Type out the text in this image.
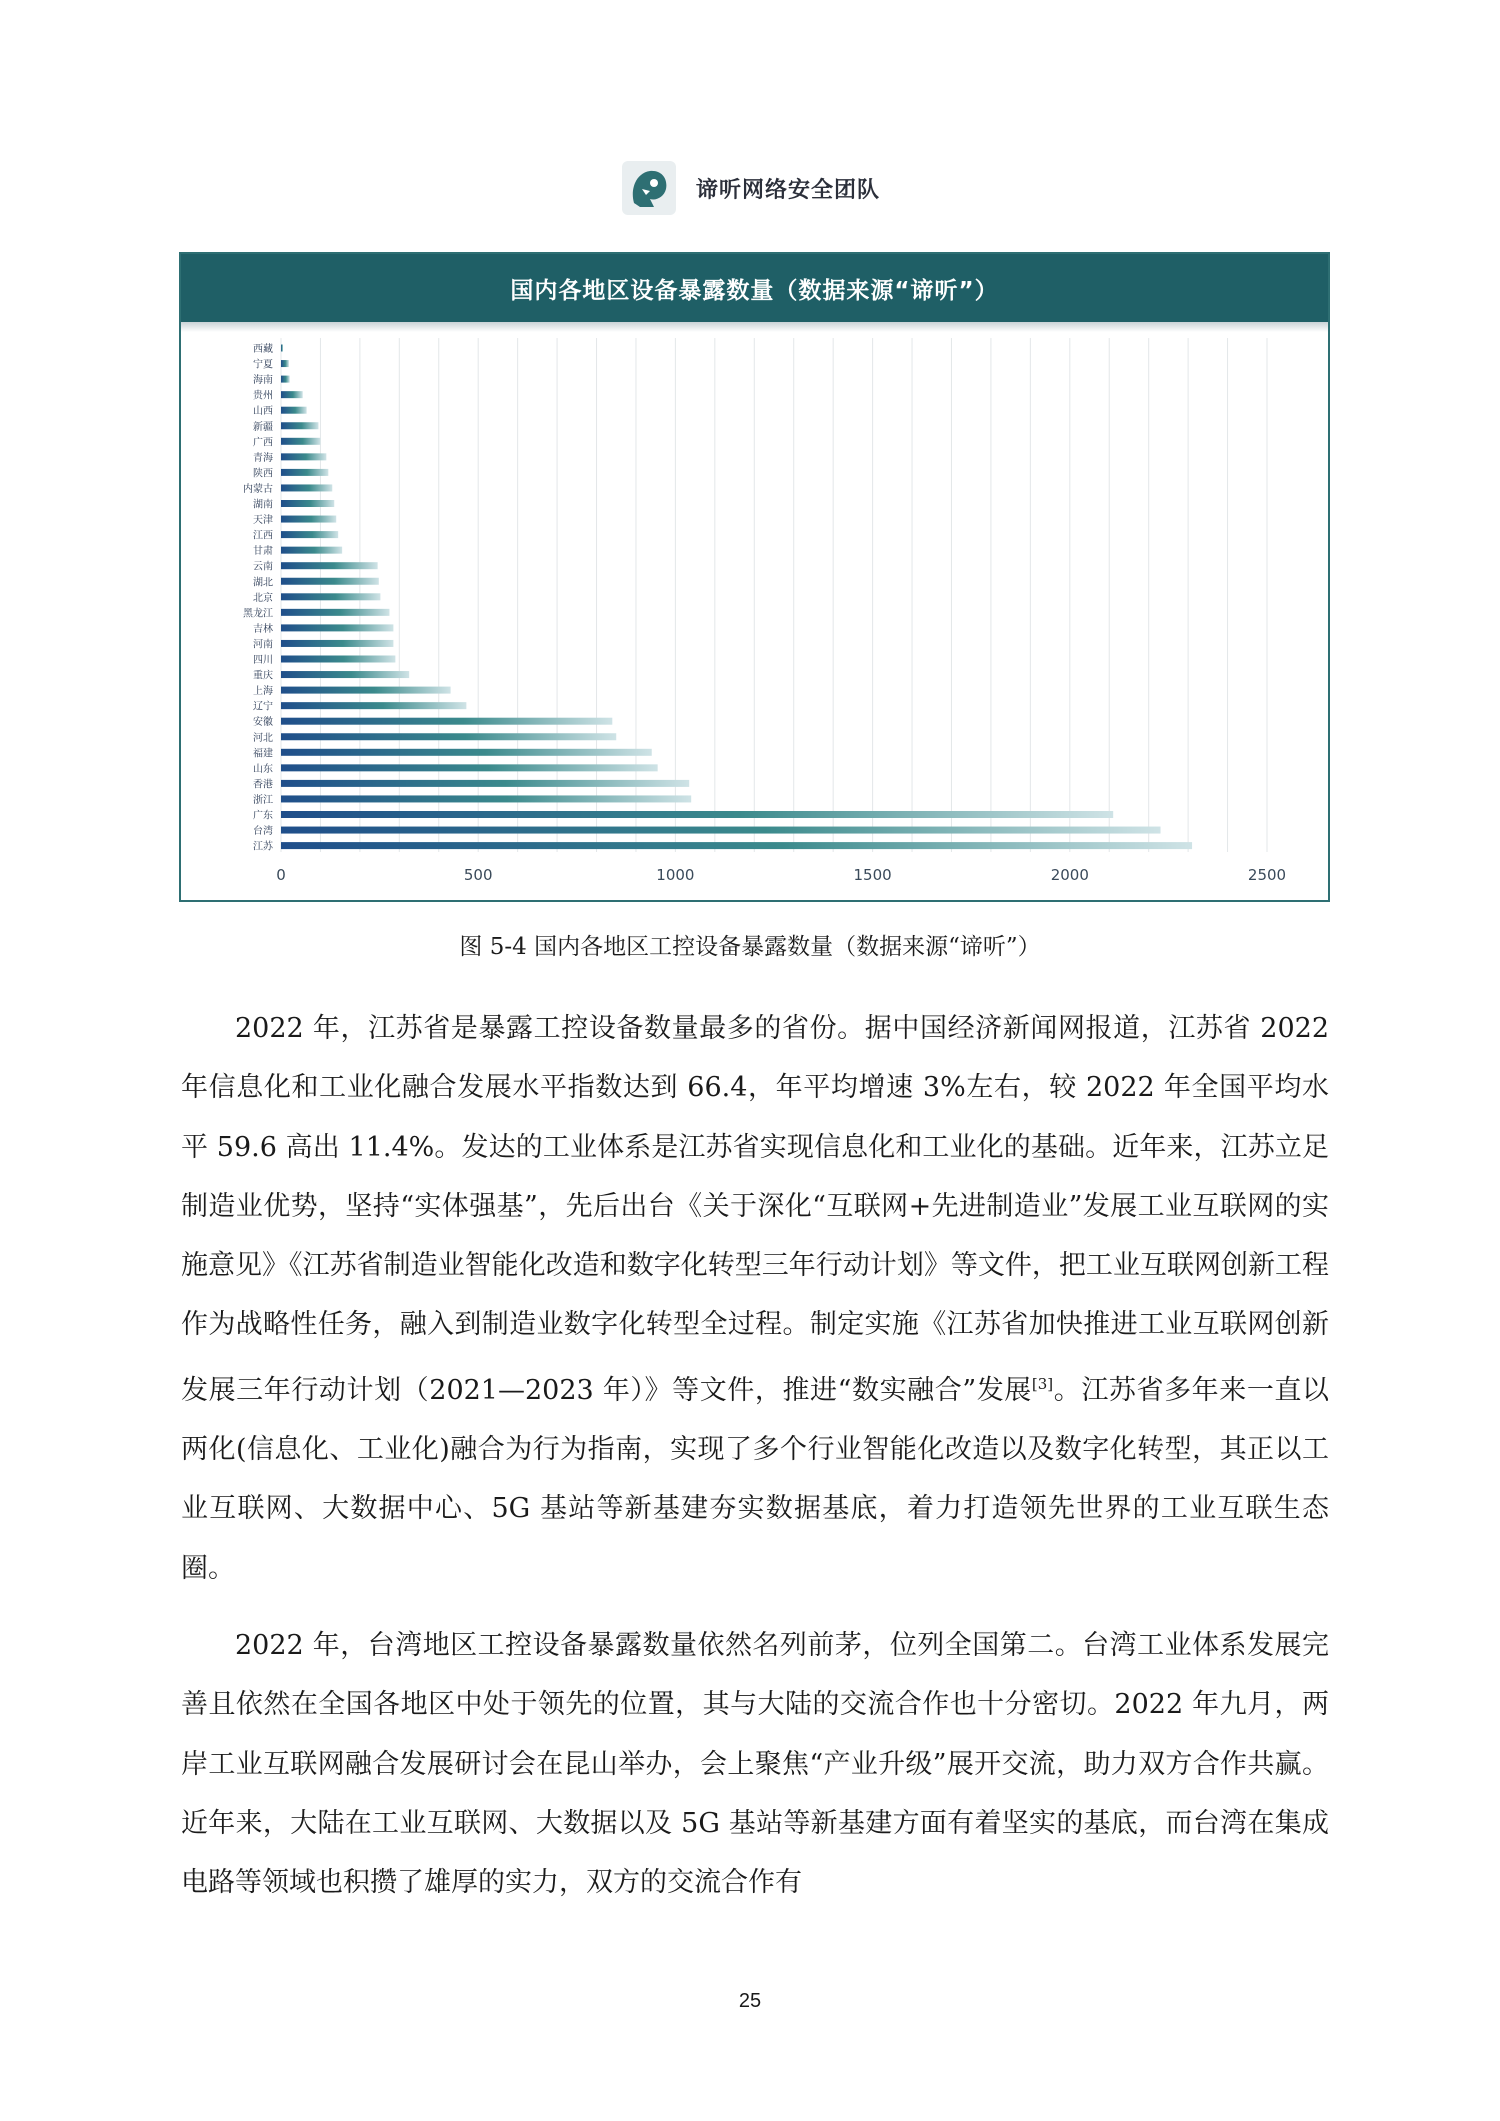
谛听网络安全团队
国内各地区设备暴露数量（数据来源“谛听”）
西藏
宁夏
海南
贵州
山西
新疆
广西
青海
陕西
内蒙古
湖南
天津
江西
甘肃
云南
湖北
北京
黑龙江
吉林
河南
四川
重庆
上海
辽宁
安徽
河北
福建
山东
香港
浙江
广东
台湾
江苏
0	500	1000	1500	2000	2500
图 5-4 国内各地区工控设备暴露数量（数据来源“谛听”）

2022 年，江苏省是暴露工控设备数量最多的省份。据中国经济新闻网报道，江苏省 2022 年信息化和工业化融合发展水平指数达到 66.4，年平均增速 3%左右，较 2022 年全国平均水平 59.6 高出 11.4%。发达的工业体系是江苏省实现信息化和工业化的基础。近年来，江苏立足制造业优势，坚持“实体强基”，先后出台《关于深化“互联网+先进制造业”发展工业互联网的实施意见》《江苏省制造业智能化改造和数字化转型三年行动计划》等文件，把工业互联网创新工程作为战略性任务，融入到制造业数字化转型全过程。制定实施《江苏省加快推进工业互联网创新发展三年行动计划（2021—2023 年）》等文件，推进“数实融合”发展[3]。江苏省多年来一直以两化(信息化、工业化)融合为行为指南，实现了多个行业智能化改造以及数字化转型，其正以工业互联网、大数据中心、5G 基站等新基建夯实数据基底，着力打造领先世界的工业互联生态圈。

2022 年，台湾地区工控设备暴露数量依然名列前茅，位列全国第二。台湾工业体系发展完善且依然在全国各地区中处于领先的位置，其与大陆的交流合作也十分密切。2022 年九月，两岸工业互联网融合发展研讨会在昆山举办，会上聚焦“产业升级”展开交流，助力双方合作共赢。近年来，大陆在工业互联网、大数据以及 5G 基站等新基建方面有着坚实的基底，而台湾在集成电路等领域也积攒了雄厚的实力，双方的交流合作有

25
